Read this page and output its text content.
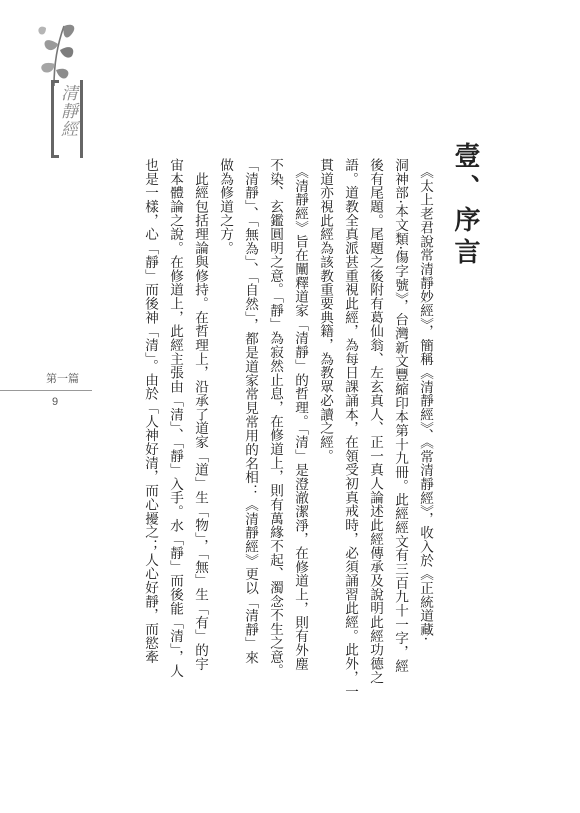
清靜經
第一篇
9
壹、序言
　《太上老君說常清靜妙經》，簡稱《清靜經》、《常清靜經》，收入於《正統道藏·
洞神部·本文類·傷字號》，台灣新文豐縮印本第十九冊。此經經文有三百九十一字，經
後有尾題。尾題之後附有葛仙翁、左玄真人、正一真人論述此經傳承及說明此經功德之
語。道教全真派甚重視此經，為每日課誦本，在領受初真戒時，必須誦習此經。此外，一
貫道亦視此經為該教重要典籍，為教眾必讀之經。
　《清靜經》旨在闡釋道家「清靜」的哲理。「清」是澄澈潔淨，在修道上，則有外塵
不染、玄鑑圓明之意。「靜」為寂然止息，在修道上，則有萬緣不起、濁念不生之意。
「清靜」、「無為」、「自然」，都是道家常見常用的名相：《清靜經》更以「清靜」來
做為修道之方。
　此經包括理論與修持。在哲理上，沿承了道家「道」生「物」，「無」生「有」的宇
宙本體論之說。在修道上，此經主張由「清」、「靜」入手。水「靜」而後能「清」，人
也是一樣，心「靜」而後神「清」。由於「人神好清，而心擾之；人心好靜，而慾牽
